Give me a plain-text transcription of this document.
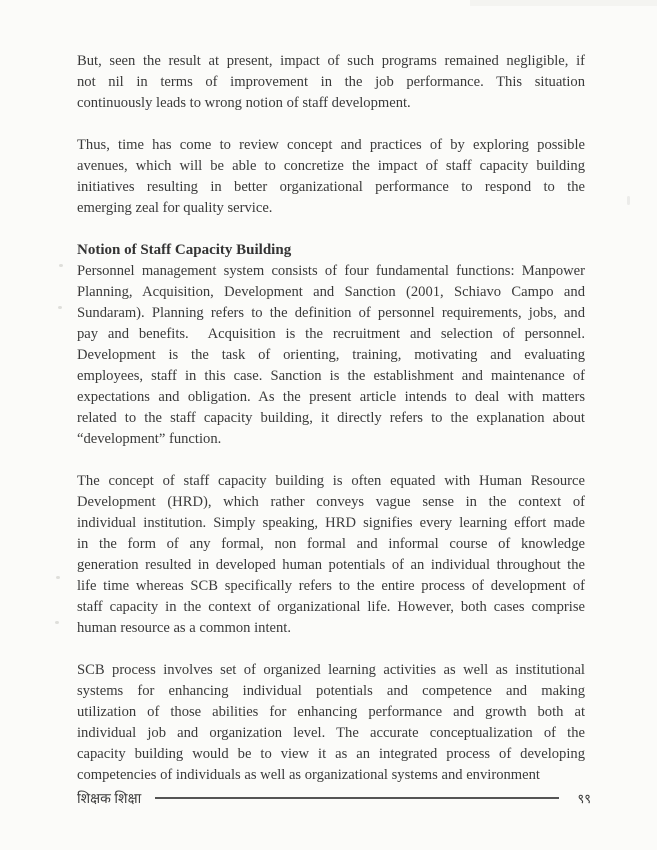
But, seen the result at present, impact of such programs remained negligible, if
not nil in terms of improvement in the job performance. This situation
continuously leads to wrong notion of staff development.
Thus, time has come to review concept and practices of by exploring possible
avenues, which will be able to concretize the impact of staff capacity building
initiatives resulting in better organizational performance to respond to the
emerging zeal for quality service.
Notion of Staff Capacity Building
Personnel management system consists of four fundamental functions: Manpower
Planning, Acquisition, Development and Sanction (2001, Schiavo Campo and
Sundaram). Planning refers to the definition of personnel requirements, jobs, and
pay and benefits.  Acquisition is the recruitment and selection of personnel.
Development is the task of orienting, training, motivating and evaluating
employees, staff in this case. Sanction is the establishment and maintenance of
expectations and obligation. As the present article intends to deal with matters
related to the staff capacity building, it directly refers to the explanation about
“development” function.
The concept of staff capacity building is often equated with Human Resource
Development (HRD), which rather conveys vague sense in the context of
individual institution. Simply speaking, HRD signifies every learning effort made
in the form of any formal, non formal and informal course of knowledge
generation resulted in developed human potentials of an individual throughout the
life time whereas SCB specifically refers to the entire process of development of
staff capacity in the context of organizational life. However, both cases comprise
human resource as a common intent.
SCB process involves set of organized learning activities as well as institutional
systems for enhancing individual potentials and competence and making
utilization of those abilities for enhancing performance and growth both at
individual job and organization level. The accurate conceptualization of the
capacity building would be to view it as an integrated process of developing
competencies of individuals as well as organizational systems and environment
शिक्षक शिक्षा	९९
